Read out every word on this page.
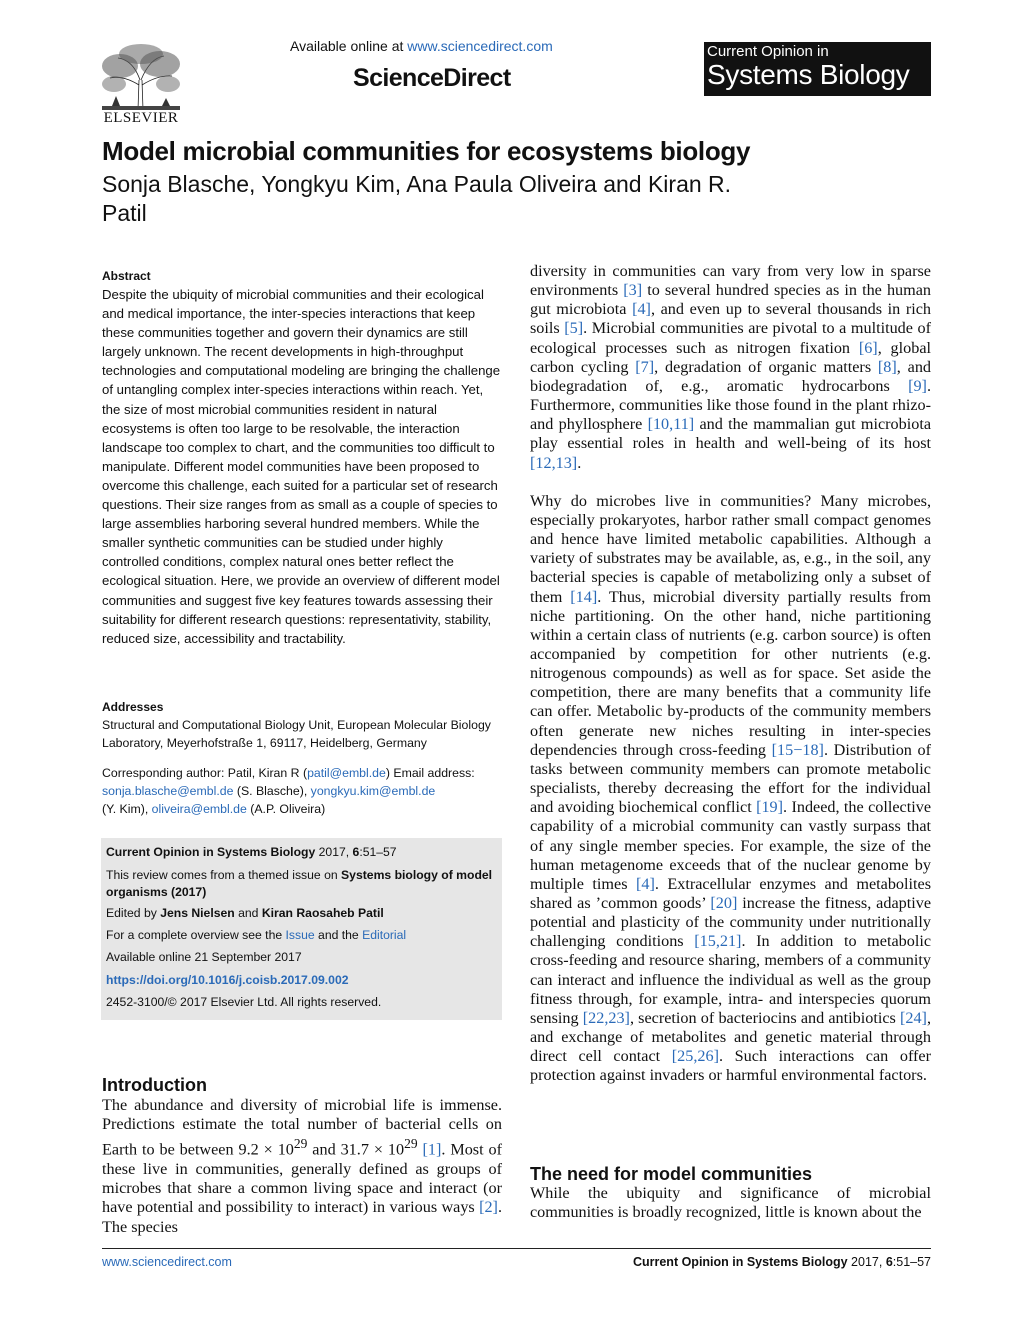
ELSEVIER
Available online at www.sciencedirect.com
ScienceDirect
Current Opinion in
Systems Biology
Model microbial communities for ecosystems biology
Sonja Blasche, Yongkyu Kim, Ana Paula Oliveira and Kiran R. Patil
Abstract
Despite the ubiquity of microbial communities and their ecological and medical importance, the inter-species interactions that keep these communities together and govern their dynamics are still largely unknown. The recent developments in high-throughput technologies and computational modeling are bringing the challenge of untangling complex inter-species interactions within reach. Yet, the size of most microbial communities resident in natural ecosystems is often too large to be resolvable, the interaction landscape too complex to chart, and the communities too difficult to manipulate. Different model communities have been proposed to overcome this challenge, each suited for a particular set of research questions. Their size ranges from as small as a couple of species to large assemblies harboring several hundred members. While the smaller synthetic communities can be studied under highly controlled conditions, complex natural ones better reflect the ecological situation. Here, we provide an overview of different model communities and suggest five key features towards assessing their suitability for different research questions: representativity, stability, reduced size, accessibility and tractability.
Addresses
Structural and Computational Biology Unit, European Molecular Biology Laboratory, Meyerhofstraße 1, 69117, Heidelberg, Germany
Corresponding author: Patil, Kiran R (patil@embl.de) Email address: sonja.blasche@embl.de (S. Blasche), yongkyu.kim@embl.de
(Y. Kim), oliveira@embl.de (A.P. Oliveira)
Current Opinion in Systems Biology 2017, 6:51–57
This review comes from a themed issue on Systems biology of model organisms (2017)
Edited by Jens Nielsen and Kiran Raosaheb Patil
For a complete overview see the Issue and the Editorial
Available online 21 September 2017
https://doi.org/10.1016/j.coisb.2017.09.002
2452-3100/© 2017 Elsevier Ltd. All rights reserved.
Introduction
The abundance and diversity of microbial life is immense. Predictions estimate the total number of bacterial cells on Earth to be between $9.2 \times 10^{29}$ and $31.7 \times 10^{29}$ [1]. Most of these live in communities, generally defined as groups of microbes that share a common living space and interact (or have potential and possibility to interact) in various ways [2]. The species

diversity in communities can vary from very low in sparse environments [3] to several hundred species as in the human gut microbiota [4], and even up to several thousands in rich soils [5]. Microbial communities are pivotal to a multitude of ecological processes such as nitrogen fixation [6], global carbon cycling [7], degradation of organic matters [8], and biodegradation of, e.g., aromatic hydrocarbons [9]. Furthermore, communities like those found in the plant rhizo- and phyllosphere [10,11] and the mammalian gut microbiota play essential roles in health and well-being of its host [12,13].

Why do microbes live in communities? Many microbes, especially prokaryotes, harbor rather small compact genomes and hence have limited metabolic capabilities. Although a variety of substrates may be available, as, e.g., in the soil, any bacterial species is capable of metabolizing only a subset of them [14]. Thus, microbial diversity partially results from niche partitioning. On the other hand, niche partitioning within a certain class of nutrients (e.g. carbon source) is often accompanied by competition for other nutrients (e.g. nitrogenous compounds) as well as for space. Set aside the competition, there are many benefits that a community life can offer. Metabolic by-products of the community members often generate new niches resulting in inter-species dependencies through cross-feeding [15−18]. Distribution of tasks between community members can promote metabolic specialists, thereby decreasing the effort for the individual and avoiding biochemical conflict [19]. Indeed, the collective capability of a microbial community can vastly surpass that of any single member species. For example, the size of the human metagenome exceeds that of the nuclear genome by multiple times [4]. Extracellular enzymes and metabolites shared as ’common goods’ [20] increase the fitness, adaptive potential and plasticity of the community under nutritionally challenging conditions [15,21]. In addition to metabolic cross-feeding and resource sharing, members of a community can interact and influence the individual as well as the group fitness through, for example, intra- and interspecies quorum sensing [22,23], secretion of bacteriocins and antibiotics [24], and exchange of metabolites and genetic material through direct cell contact [25,26]. Such interactions can offer protection against invaders or harmful environmental factors.

The need for model communities
While the ubiquity and significance of microbial communities is broadly recognized, little is known about the
www.sciencedirect.com	Current Opinion in Systems Biology 2017, 6:51–57
